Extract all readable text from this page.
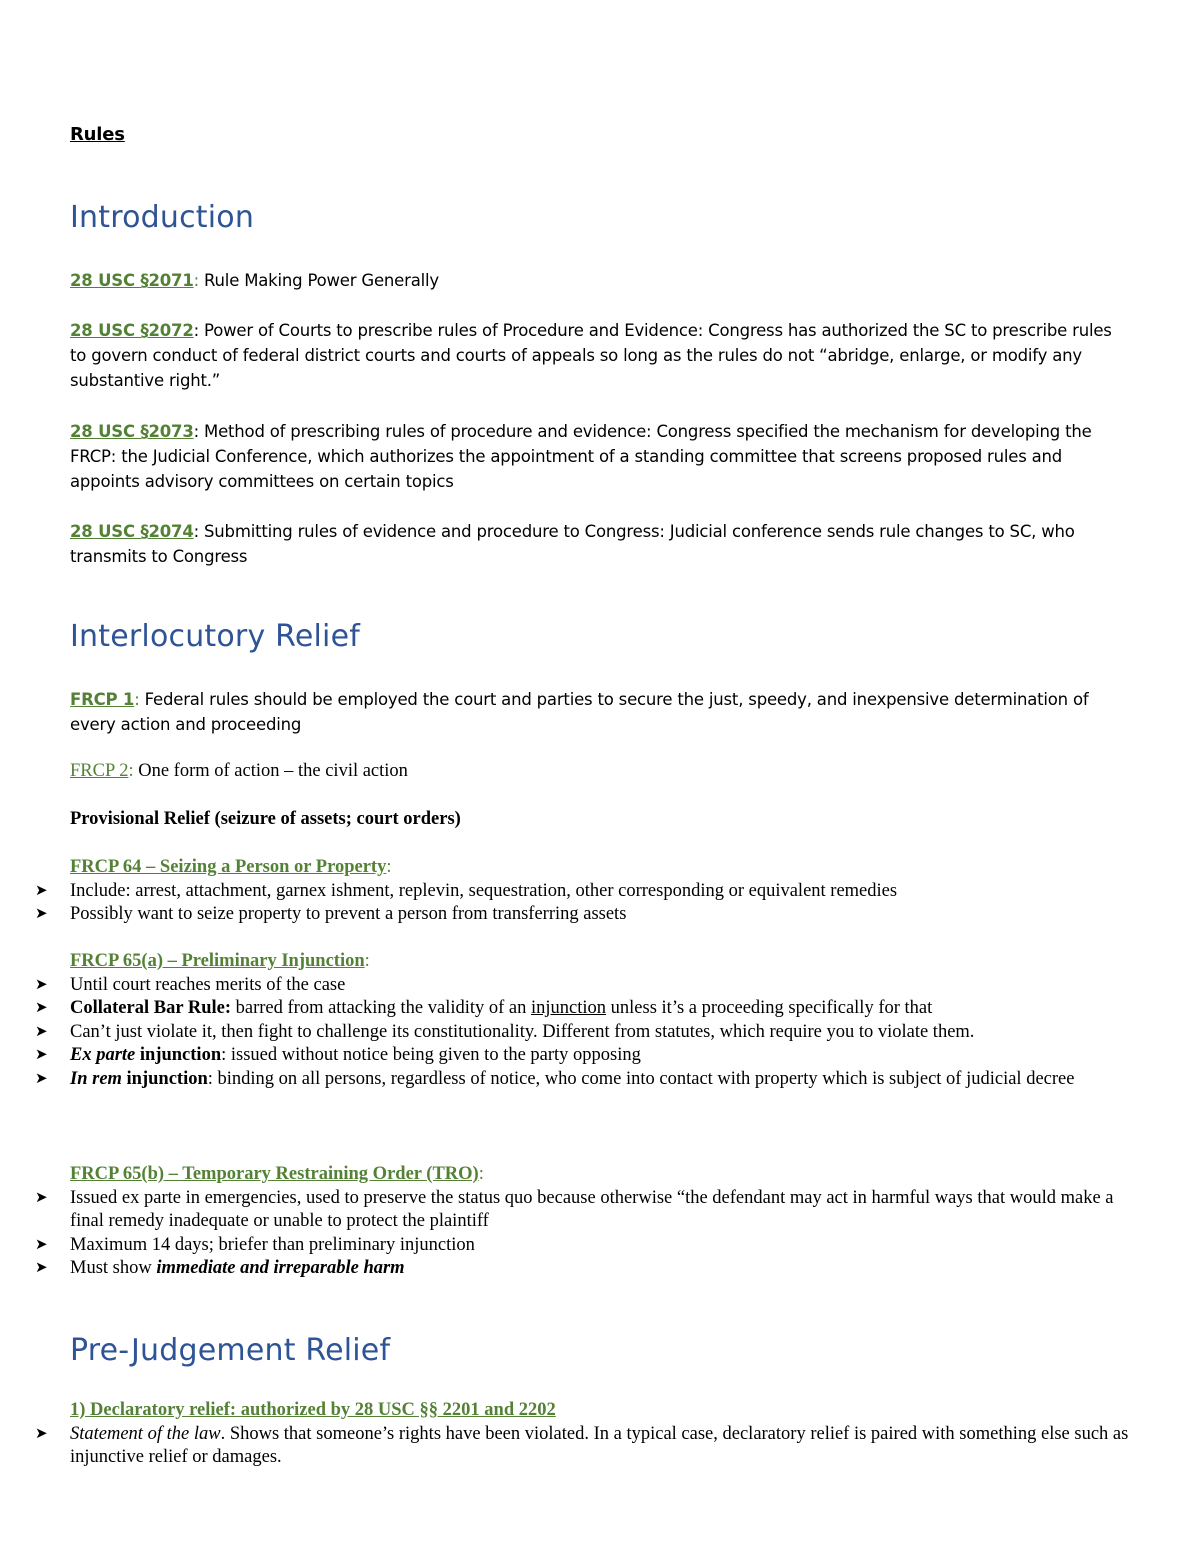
Rules
Introduction
28 USC §2071: Rule Making Power Generally
28 USC §2072: Power of Courts to prescribe rules of Procedure and Evidence: Congress has authorized the SC to prescribe rules to govern conduct of federal district courts and courts of appeals so long as the rules do not “abridge, enlarge, or modify any substantive right.”
28 USC §2073: Method of prescribing rules of procedure and evidence: Congress specified the mechanism for developing the FRCP: the Judicial Conference, which authorizes the appointment of a standing committee that screens proposed rules and appoints advisory committees on certain topics
28 USC §2074: Submitting rules of evidence and procedure to Congress: Judicial conference sends rule changes to SC, who transmits to Congress
Interlocutory Relief
FRCP 1: Federal rules should be employed the court and parties to secure the just, speedy, and inexpensive determination of every action and proceeding
FRCP 2: One form of action – the civil action
Provisional Relief (seizure of assets; court orders)
FRCP 64 – Seizing a Person or Property:
➤ Include: arrest, attachment, garnex ishment, replevin, sequestration, other corresponding or equivalent remedies
➤ Possibly want to seize property to prevent a person from transferring assets
FRCP 65(a) – Preliminary Injunction:
➤ Until court reaches merits of the case
➤ Collateral Bar Rule: barred from attacking the validity of an injunction unless it’s a proceeding specifically for that
➤ Can’t just violate it, then fight to challenge its constitutionality. Different from statutes, which require you to violate them.
➤ Ex parte injunction: issued without notice being given to the party opposing
➤ In rem injunction: binding on all persons, regardless of notice, who come into contact with property which is subject of judicial decree
FRCP 65(b) – Temporary Restraining Order (TRO):
➤ Issued ex parte in emergencies, used to preserve the status quo because otherwise “the defendant may act in harmful ways that would make a final remedy inadequate or unable to protect the plaintiff
➤ Maximum 14 days; briefer than preliminary injunction
➤ Must show immediate and irreparable harm
Pre-Judgement Relief
1) Declaratory relief: authorized by 28 USC §§ 2201 and 2202
➤ Statement of the law. Shows that someone’s rights have been violated. In a typical case, declaratory relief is paired with something else such as injunctive relief or damages.
